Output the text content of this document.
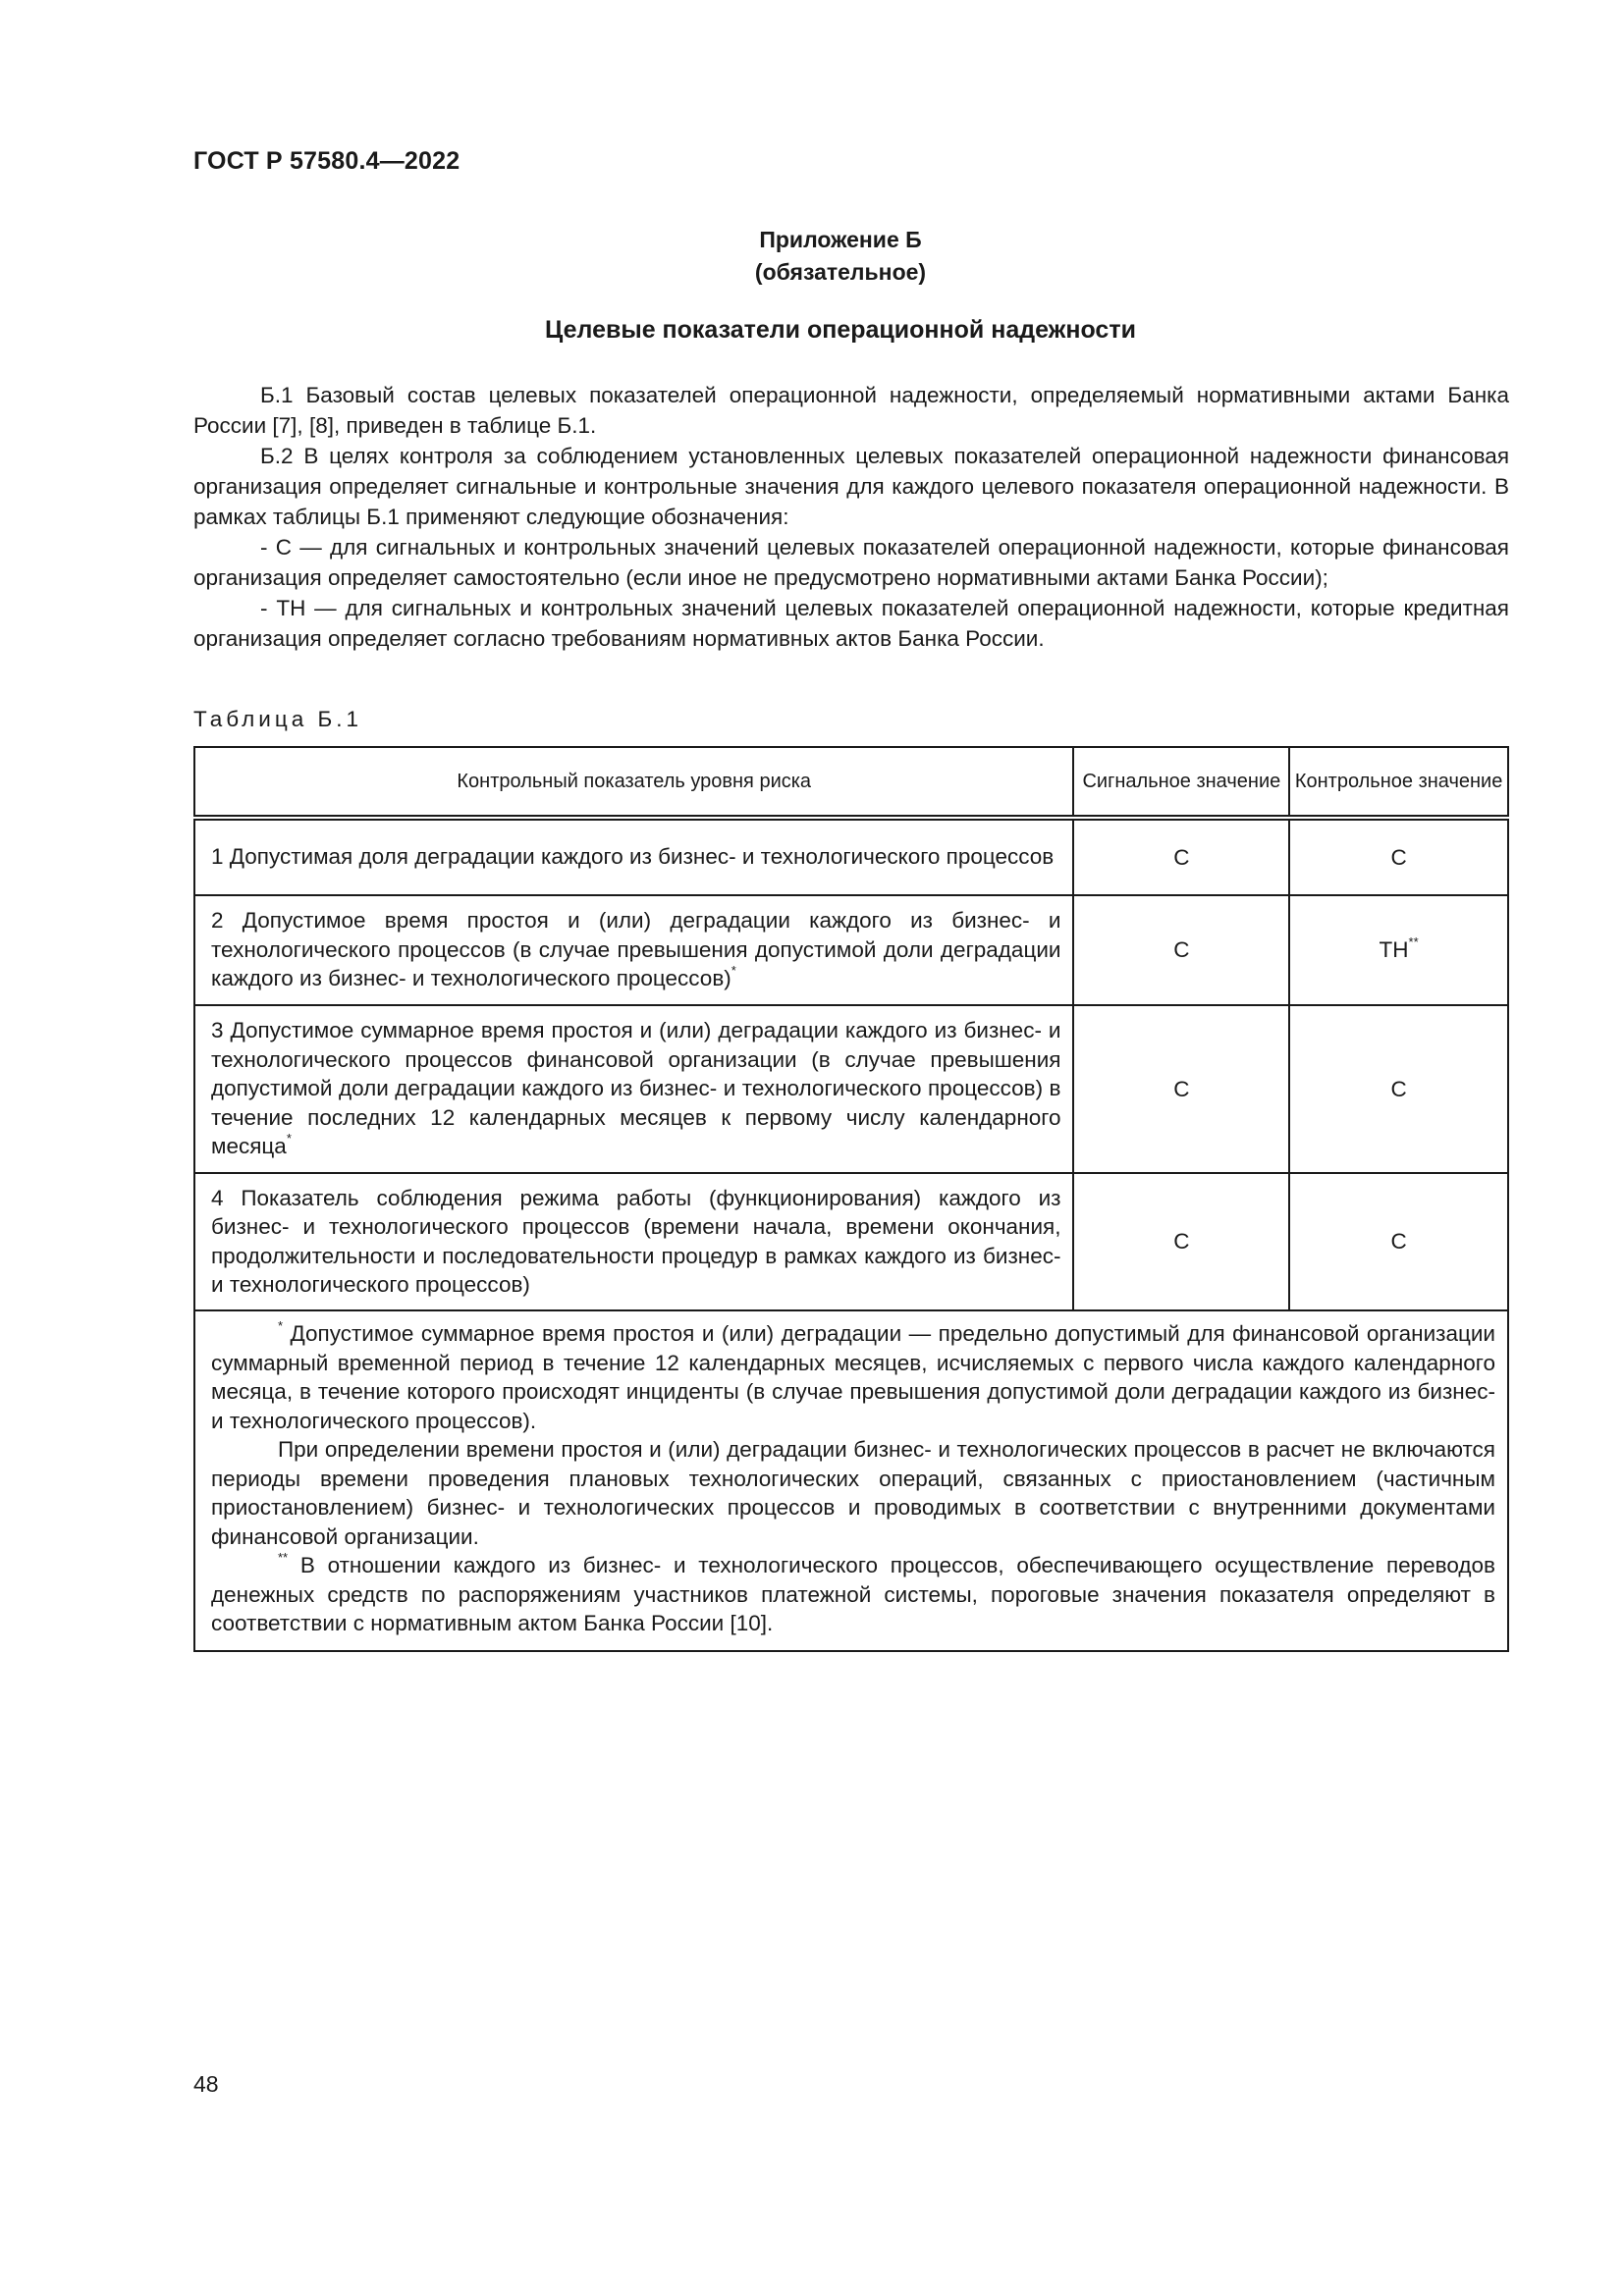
ГОСТ Р 57580.4—2022
Приложение Б
(обязательное)
Целевые показатели операционной надежности

Б.1 Базовый состав целевых показателей операционной надежности, определяемый нормативными актами Банка России [7], [8], приведен в таблице Б.1.

Б.2 В целях контроля за соблюдением установленных целевых показателей операционной надежности финансовая организация определяет сигнальные и контрольные значения для каждого целевого показателя операционной надежности. В рамках таблицы Б.1 применяют следующие обозначения:

- С — для сигнальных и контрольных значений целевых показателей операционной надежности, которые финансовая организация определяет самостоятельно (если иное не предусмотрено нормативными актами Банка России);

- ТН — для сигнальных и контрольных значений целевых показателей операционной надежности, которые кредитная организация определяет согласно требованиям нормативных актов Банка России.

Таблица Б.1
Контрольный показатель уровня риска	Сигнальное значение	Контрольное значение
1 Допустимая доля деградации каждого из бизнес- и технологического процессов	С	С
2 Допустимое время простоя и (или) деградации каждого из бизнес- и технологического процессов (в случае превышения допустимой доли деградации каждого из бизнес- и технологического процессов)*	С	ТН**
3 Допустимое суммарное время простоя и (или) деградации каждого из бизнес- и технологического процессов финансовой организации (в случае превышения допустимой доли деградации каждого из бизнес- и технологического процессов) в течение последних 12 календарных месяцев к первому числу календарного месяца*	С	С
4 Показатель соблюдения режима работы (функционирования) каждого из бизнес- и технологического процессов (времени начала, времени окончания, продолжительности и последовательности процедур в рамках каждого из бизнес- и технологического процессов)	С	С

* Допустимое суммарное время простоя и (или) деградации — предельно допустимый для финансовой организации суммарный временной период в течение 12 календарных месяцев, исчисляемых с первого числа каждого календарного месяца, в течение которого происходят инциденты (в случае превышения допустимой доли деградации каждого из бизнес- и технологического процессов).

При определении времени простоя и (или) деградации бизнес- и технологических процессов в расчет не включаются периоды времени проведения плановых технологических операций, связанных с приостановлением (частичным приостановлением) бизнес- и технологических процессов и проводимых в соответствии с внутренними документами финансовой организации.

** В отношении каждого из бизнес- и технологического процессов, обеспечивающего осуществление переводов денежных средств по распоряжениям участников платежной системы, пороговые значения показателя определяют в соответствии с нормативным актом Банка России [10].		

48
